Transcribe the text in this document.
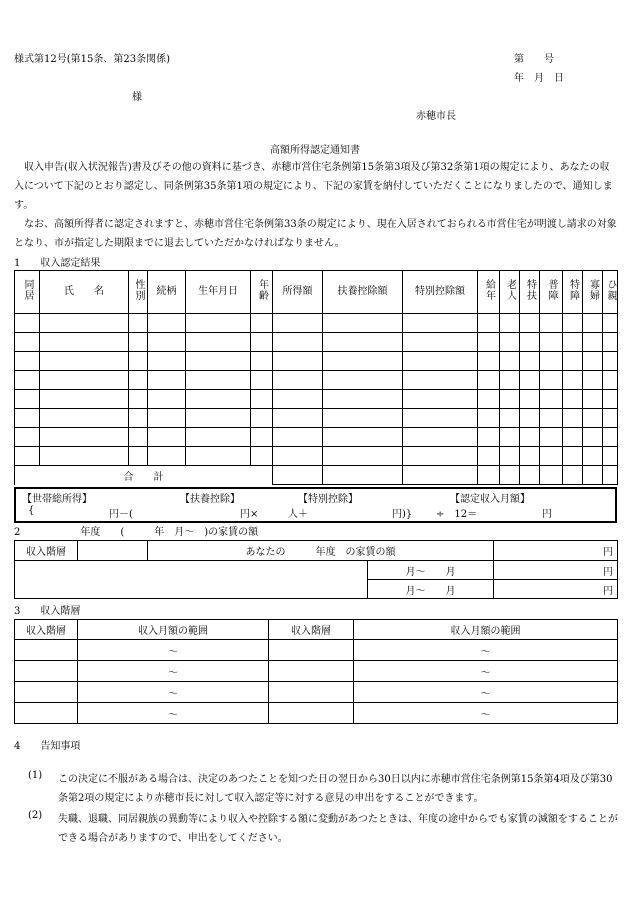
様式第12号(第15条、第23条関係)	第　　号
年　月　日
様
赤穂市長
高額所得認定通知書

　収入申告(収入状況報告)書及びその他の資料に基づき、赤穂市営住宅条例第15条第3項及び第32条第1項の規定により、あなたの収入について下記のとおり認定し、同条例第35条第1項の規定により、下記の家賃を納付していただくことになりましたので、通知します。

　なお、高額所得者に認定されますと、赤穂市営住宅条例第33条の規定により、現在入居されておられる市営住宅が明渡し請求の対象となり、市が指定した期限までに退去していただかなければなりません。

1　　収入認定結果
同居	氏　　名	性別	続柄	生年月日	年齢	所得額	扶養控除額	特別控除額	給年	老人	特扶	普障	特障	寡婦	ひ親

合　　計															
【世帯総所得】	【扶養控除】	【特別控除】	【認定収入月額】
{	円－(	円×	人＋	円)} ÷　12＝	円
2　　　　　　年度　　(　　　年　月～　)の家賃の額
収入階層		あなたの　　　年度　の家賃の額		円
			月～　　月	円
			月～　　月	円
3　　収入階層
収入階層	収入月額の範囲	収入階層	収入月額の範囲
	～		～
	～		～
	～		～
	～		～
4　　告知事項
(1) この決定に不服がある場合は、決定のあつたことを知つた日の翌日から30日以内に赤穂市営住宅条例第15条第4項及び第30条第2項の規定により赤穂市長に対して収入認定等に対する意見の申出をすることができます。

(2) 失職、退職、同居親族の異動等により収入や控除する額に変動があつたときは、年度の途中からでも家賃の減額をすることができる場合がありますので、申出をしてください。
